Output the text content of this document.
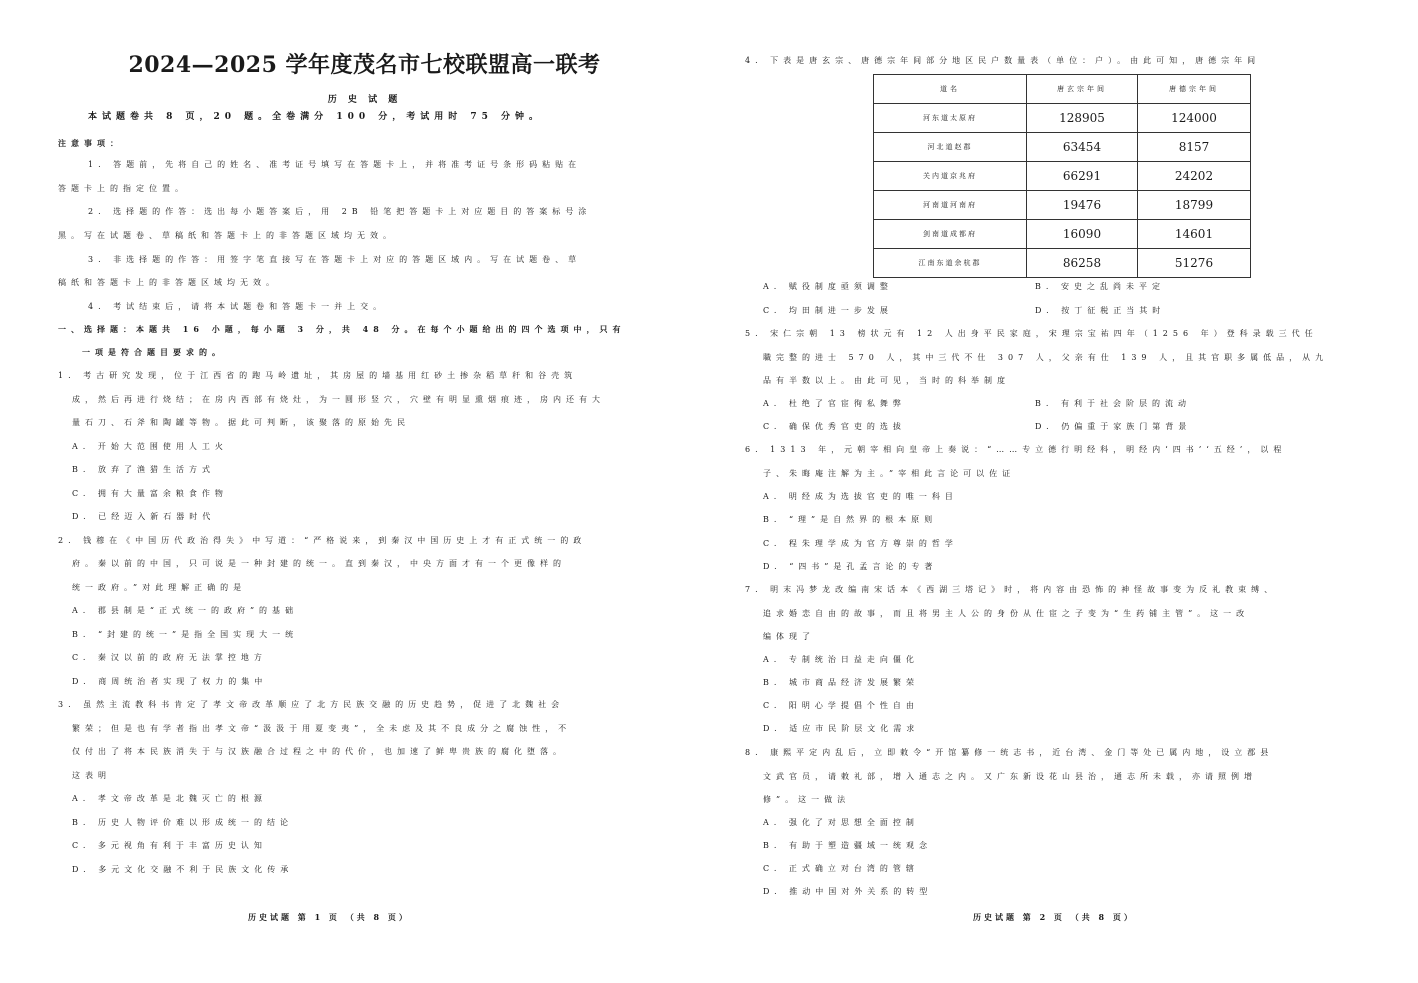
2024—2025 学年度茂名市七校联盟高一联考
历 史 试 题
本试题卷共 8 页，20 题。全卷满分 100 分，考试用时 75 分钟。
注意事项：
1. 答题前，先将自己的姓名、准考证号填写在答题卡上，并将准考证号条形码粘贴在
答题卡上的指定位置。
2. 选择题的作答：选出每小题答案后，用 2B 铅笔把答题卡上对应题目的答案标号涂
黑。写在试题卷、草稿纸和答题卡上的非答题区域均无效。
3. 非选择题的作答：用签字笔直接写在答题卡上对应的答题区域内。写在试题卷、草
稿纸和答题卡上的非答题区域均无效。
4. 考试结束后，请将本试题卷和答题卡一并上交。
一、选择题：本题共 16 小题，每小题 3 分，共 48 分。在每个小题给出的四个选项中，只有
一项是符合题目要求的。
1. 考古研究发现，位于江西省的跑马岭遗址，其房屋的墙基用红砂土掺杂稻草秆和谷壳筑
成，然后再进行烧结；在房内西部有烧灶，为一圆形竖穴，穴壁有明显熏烟痕迹，房内还有大
量石刀、石斧和陶罐等物。据此可判断，该聚落的原始先民
A. 开始大范围使用人工火
B. 放弃了渔猎生活方式
C. 拥有大量富余粮食作物
D. 已经迈入新石器时代
2. 钱穆在《中国历代政治得失》中写道：“严格说来，到秦汉中国历史上才有正式统一的政
府。秦以前的中国，只可说是一种封建的统一。直到秦汉，中央方面才有一个更像样的
统一政府。”对此理解正确的是
A. 郡县制是“正式统一的政府”的基础
B. “封建的统一”是指全国实现大一统
C. 秦汉以前的政府无法掌控地方
D. 商周统治者实现了权力的集中
3. 虽然主流教科书肯定了孝文帝改革顺应了北方民族交融的历史趋势，促进了北魏社会
繁荣；但是也有学者指出孝文帝“汲汲于用夏变夷”，全未虑及其不良成分之腐蚀性，不
仅付出了将本民族消失于与汉族融合过程之中的代价，也加速了鲜卑贵族的腐化堕落。
这表明
A. 孝文帝改革是北魏灭亡的根源
B. 历史人物评价难以形成统一的结论
C. 多元视角有利于丰富历史认知
D. 多元文化交融不利于民族文化传承
历史试题 第 1 页 （共 8 页）
4. 下表是唐玄宗、唐德宗年间部分地区民户数量表（单位：户）。由此可知，唐德宗年间
道名	唐玄宗年间	唐德宗年间
河东道太原府	128905	124000
河北道赵郡	63454	8157
关内道京兆府	66291	24202
河南道河南府	19476	18799
剑南道成都府	16090	14601
江南东道余杭郡	86258	51276
A. 赋役制度亟须调整	B. 安史之乱尚未平定
C. 均田制进一步发展	D. 按丁征税正当其时
5. 宋仁宗朝 13 榜状元有 12 人出身平民家庭，宋理宗宝祐四年（1256 年）登科录载三代任
職完整的进士 570 人，其中三代不仕 307 人，父亲有仕 139 人，且其官职多属低品，从九
品有半数以上。由此可见，当时的科举制度
A. 杜绝了官宦徇私舞弊	B. 有利于社会阶层的流动
C. 确保优秀官吏的选拔	D. 仍偏重于家族门第背景
6. 1313 年，元朝宰相向皇帝上奏说：“……专立德行明经科，明经内‘四书’‘五经’，以程
子、朱晦庵注解为主。”宰相此言论可以佐证
A. 明经成为选拔官吏的唯一科目
B. “理”是自然界的根本原则
C. 程朱理学成为官方尊崇的哲学
D. “四书”是孔孟言论的专著
7. 明末冯梦龙改编南宋话本《西湖三塔记》时，将内容由恐怖的神怪故事变为反礼教束缚、
追求婚恋自由的故事，而且将男主人公的身份从仕宦之子变为“生药铺主管”。这一改
编体现了
A. 专制统治日益走向僵化
B. 城市商品经济发展繁荣
C. 阳明心学提倡个性自由
D. 适应市民阶层文化需求
8. 康熙平定内乱后，立即敕令“开馆纂修一统志书，近台湾、金门等处已属内地，设立郡县
文武官员，请敕礼部，增入通志之内。又广东新设花山县治，通志所未载，亦请照例增
修”。这一做法
A. 强化了对思想全面控制
B. 有助于塑造疆域一统观念
C. 正式确立对台湾的管辖
D. 推动中国对外关系的转型
历史试题 第 2 页 （共 8 页）
